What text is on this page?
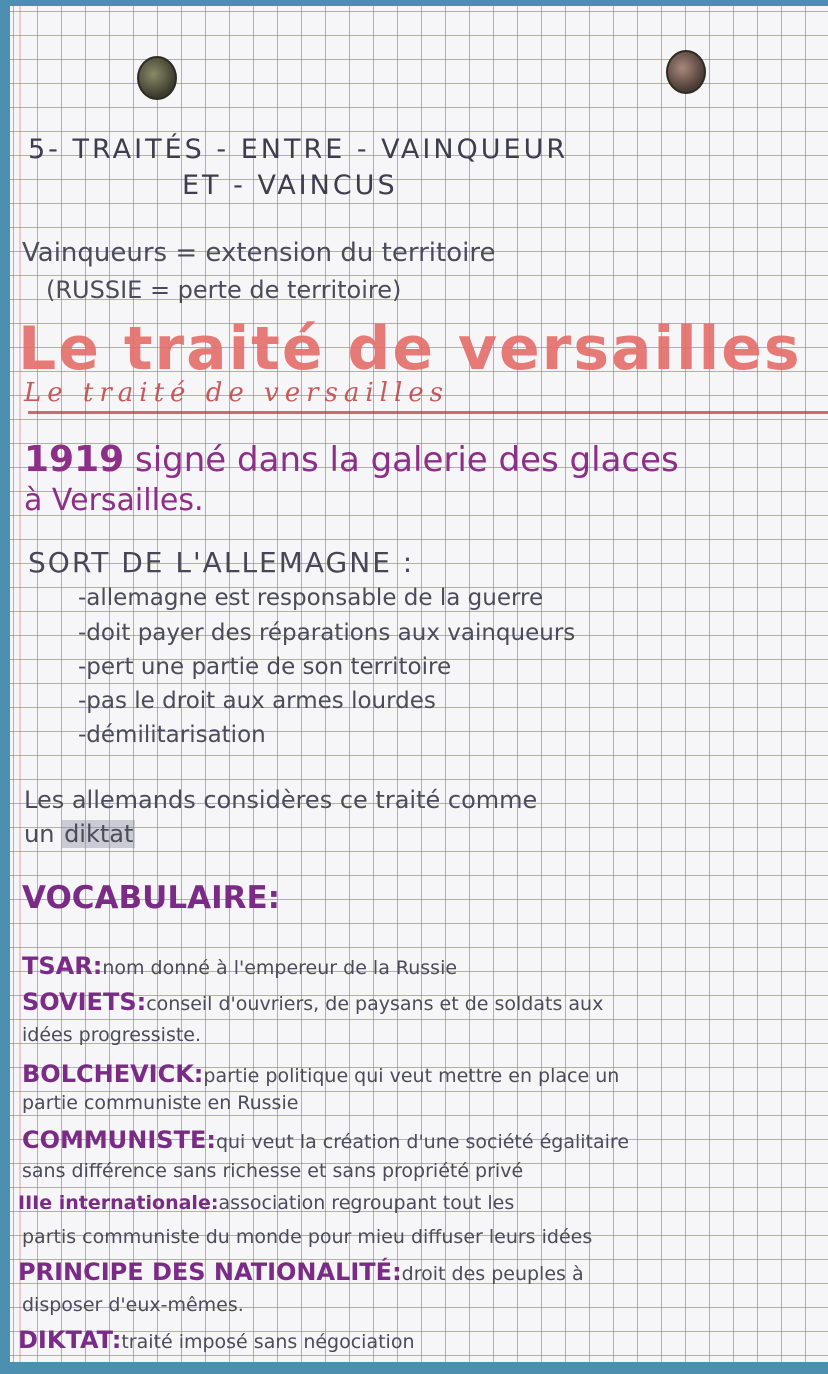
5- TRAITÉS - ENTRE - VAINQUEUR
ET - VAINCUS
Vainqueurs = extension du territoire
(RUSSIE = perte de territoire)
Le traité de versailles
Le traité de versailles
1919 signé dans la galerie des glaces
à Versailles.
SORT DE L'ALLEMAGNE :
-allemagne est responsable de la guerre
-doit payer des réparations aux vainqueurs
-pert une partie de son territoire
-pas le droit aux armes lourdes
-démilitarisation
Les allemands considères ce traité comme
un diktat
VOCABULAIRE:
TSAR:nom donné à l'empereur de la Russie
SOVIETS:conseil d'ouvriers, de paysans et de soldats aux
idées progressiste.
BOLCHEVICK:partie politique qui veut mettre en place un
partie communiste en Russie
COMMUNISTE:qui veut la création d'une société égalitaire
sans différence sans richesse et sans propriété privé
IIIe internationale:association regroupant tout les
partis communiste du monde pour mieu diffuser leurs idées
PRINCIPE DES NATIONALITÉ:droit des peuples à
disposer d'eux-mêmes.
DIKTAT:traité imposé sans négociation
